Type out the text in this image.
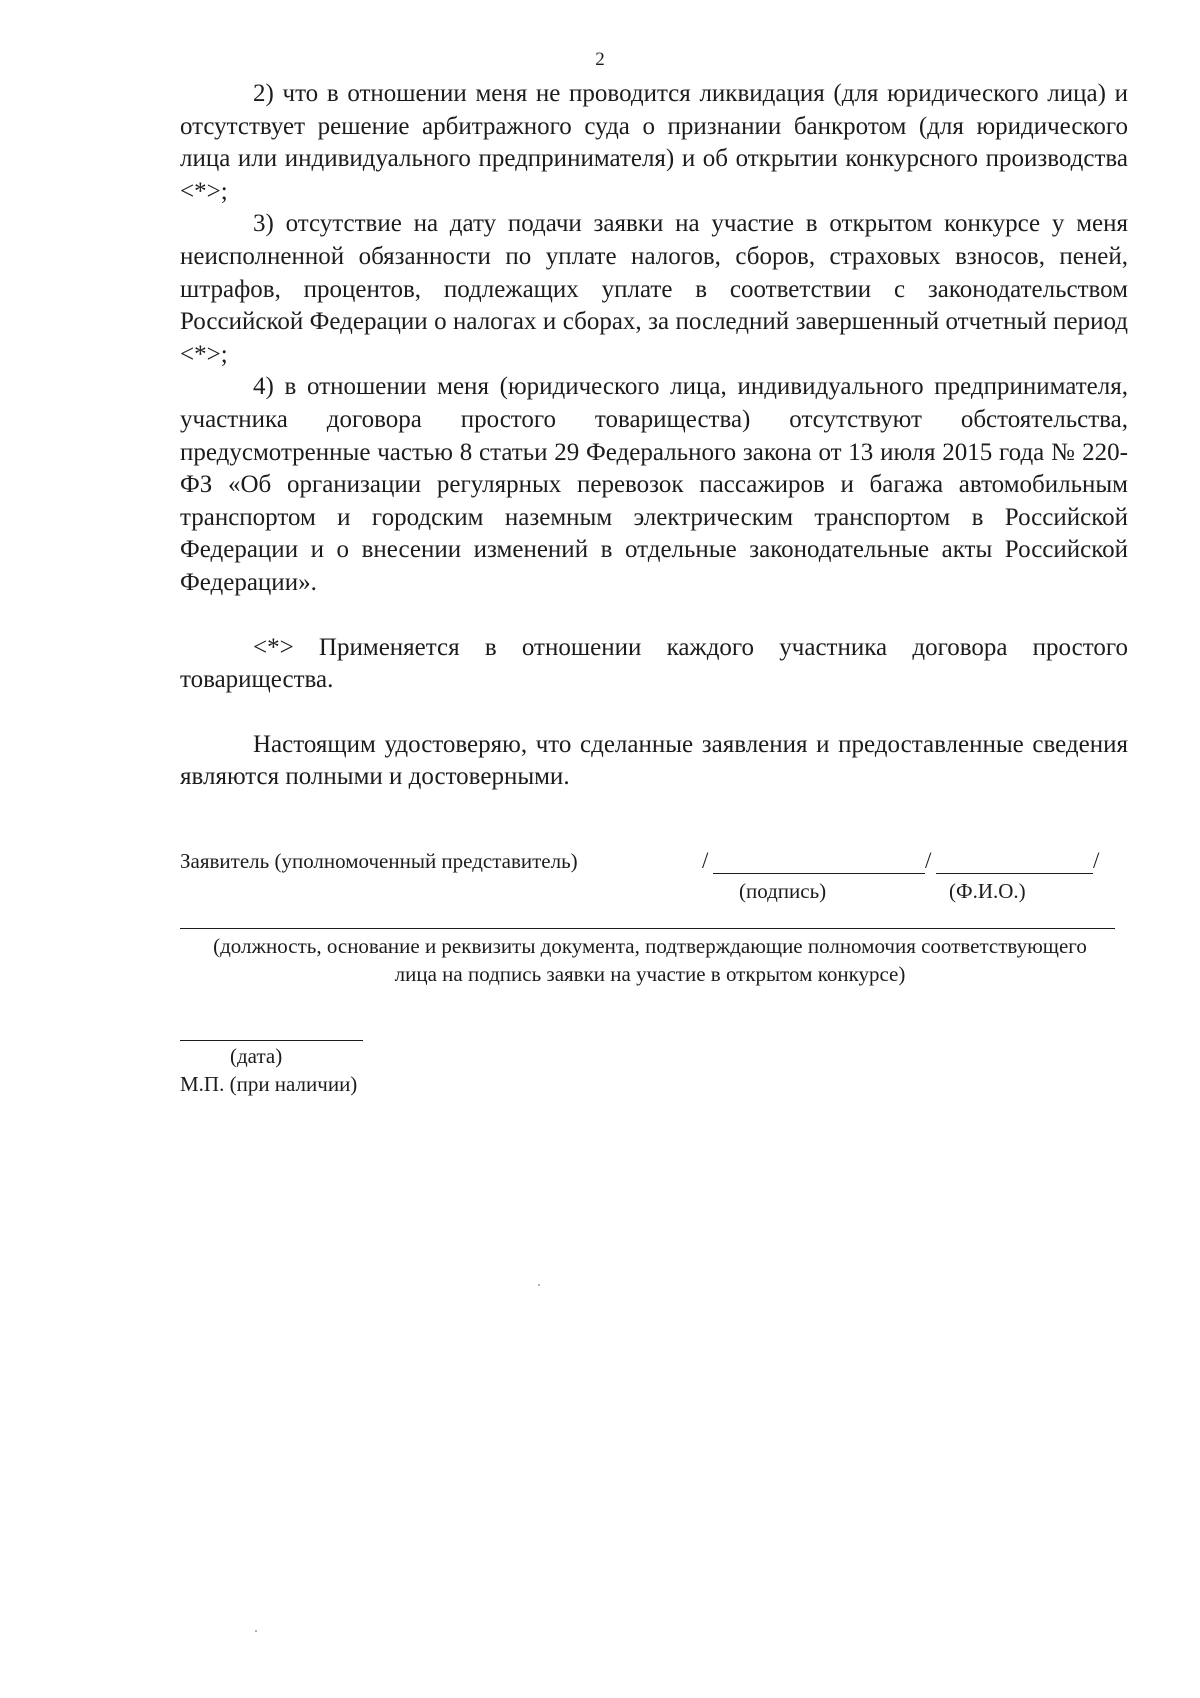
2

2) что в отношении меня не проводится ликвидация (для юридического лица) и отсутствует решение арбитражного суда о признании банкротом (для юридического лица или индивидуального предпринимателя) и об открытии конкурсного производства <*>;

3) отсутствие на дату подачи заявки на участие в открытом конкурсе у меня неисполненной обязанности по уплате налогов, сборов, страховых взносов, пеней, штрафов, процентов, подлежащих уплате в соответствии с законодательством Российской Федерации о налогах и сборах, за последний завершенный отчетный период <*>;

4) в отношении меня (юридического лица, индивидуального предпринимателя, участника договора простого товарищества) отсутствуют обстоятельства, предусмотренные частью 8 статьи 29 Федерального закона от 13 июля 2015 года № 220-ФЗ «Об организации регулярных перевозок пассажиров и багажа автомобильным транспортом и городским наземным электрическим транспортом в Российской Федерации и о внесении изменений в отдельные законодательные акты Российской Федерации».

<*> Применяется в отношении каждого участника договора простого товарищества.

Настоящим удостоверяю, что сделанные заявления и предоставленные сведения являются полными и достоверными.

Заявитель (уполномоченный представитель)	/	/	/
(подпись)	(Ф.И.О.)
(должность, основание и реквизиты документа, подтверждающие полномочия соответствующего лица на подпись заявки на участие в открытом конкурсе)
(дата)
М.П. (при наличии)
